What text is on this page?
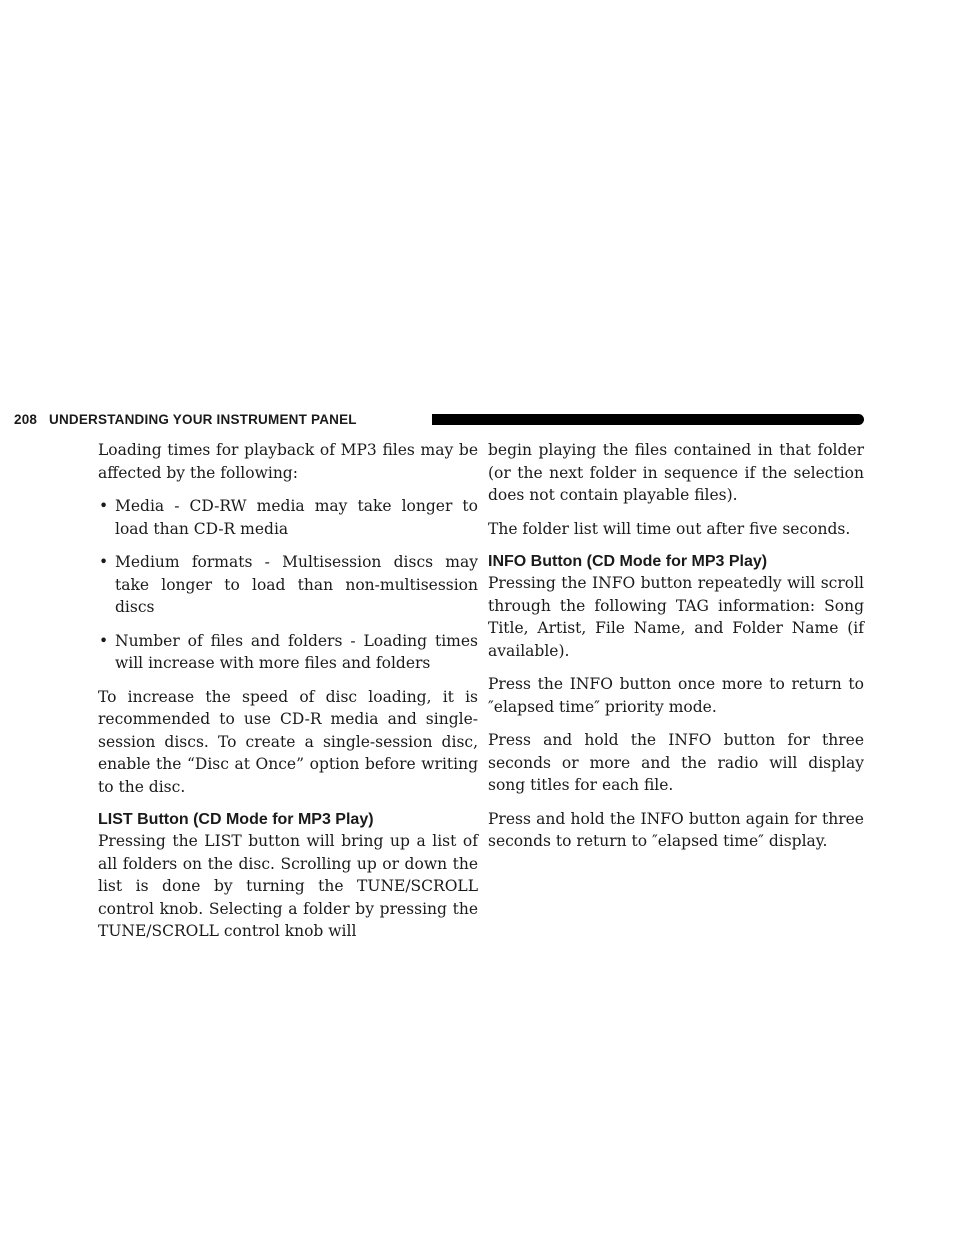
208 UNDERSTANDING YOUR INSTRUMENT PANEL

Loading times for playback of MP3 files may be affected by the following:

• Media - CD-RW media may take longer to load than CD-R media
• Medium formats - Multisession discs may take longer to load than non-multisession discs
• Number of files and folders - Loading times will increase with more files and folders

To increase the speed of disc loading, it is recommended to use CD-R media and single-session discs. To create a single-session disc, enable the “Disc at Once” option before writing to the disc.

LIST Button (CD Mode for MP3 Play)

Pressing the LIST button will bring up a list of all folders on the disc. Scrolling up or down the list is done by turning the TUNE/SCROLL control knob. Selecting a folder by pressing the TUNE/SCROLL control knob will

begin playing the files contained in that folder (or the next folder in sequence if the selection does not contain playable files).

The folder list will time out after five seconds.

INFO Button (CD Mode for MP3 Play)

Pressing the INFO button repeatedly will scroll through the following TAG information: Song Title, Artist, File Name, and Folder Name (if available).

Press the INFO button once more to return to ″elapsed time″ priority mode.

Press and hold the INFO button for three seconds or more and the radio will display song titles for each file.

Press and hold the INFO button again for three seconds to return to ″elapsed time″ display.
